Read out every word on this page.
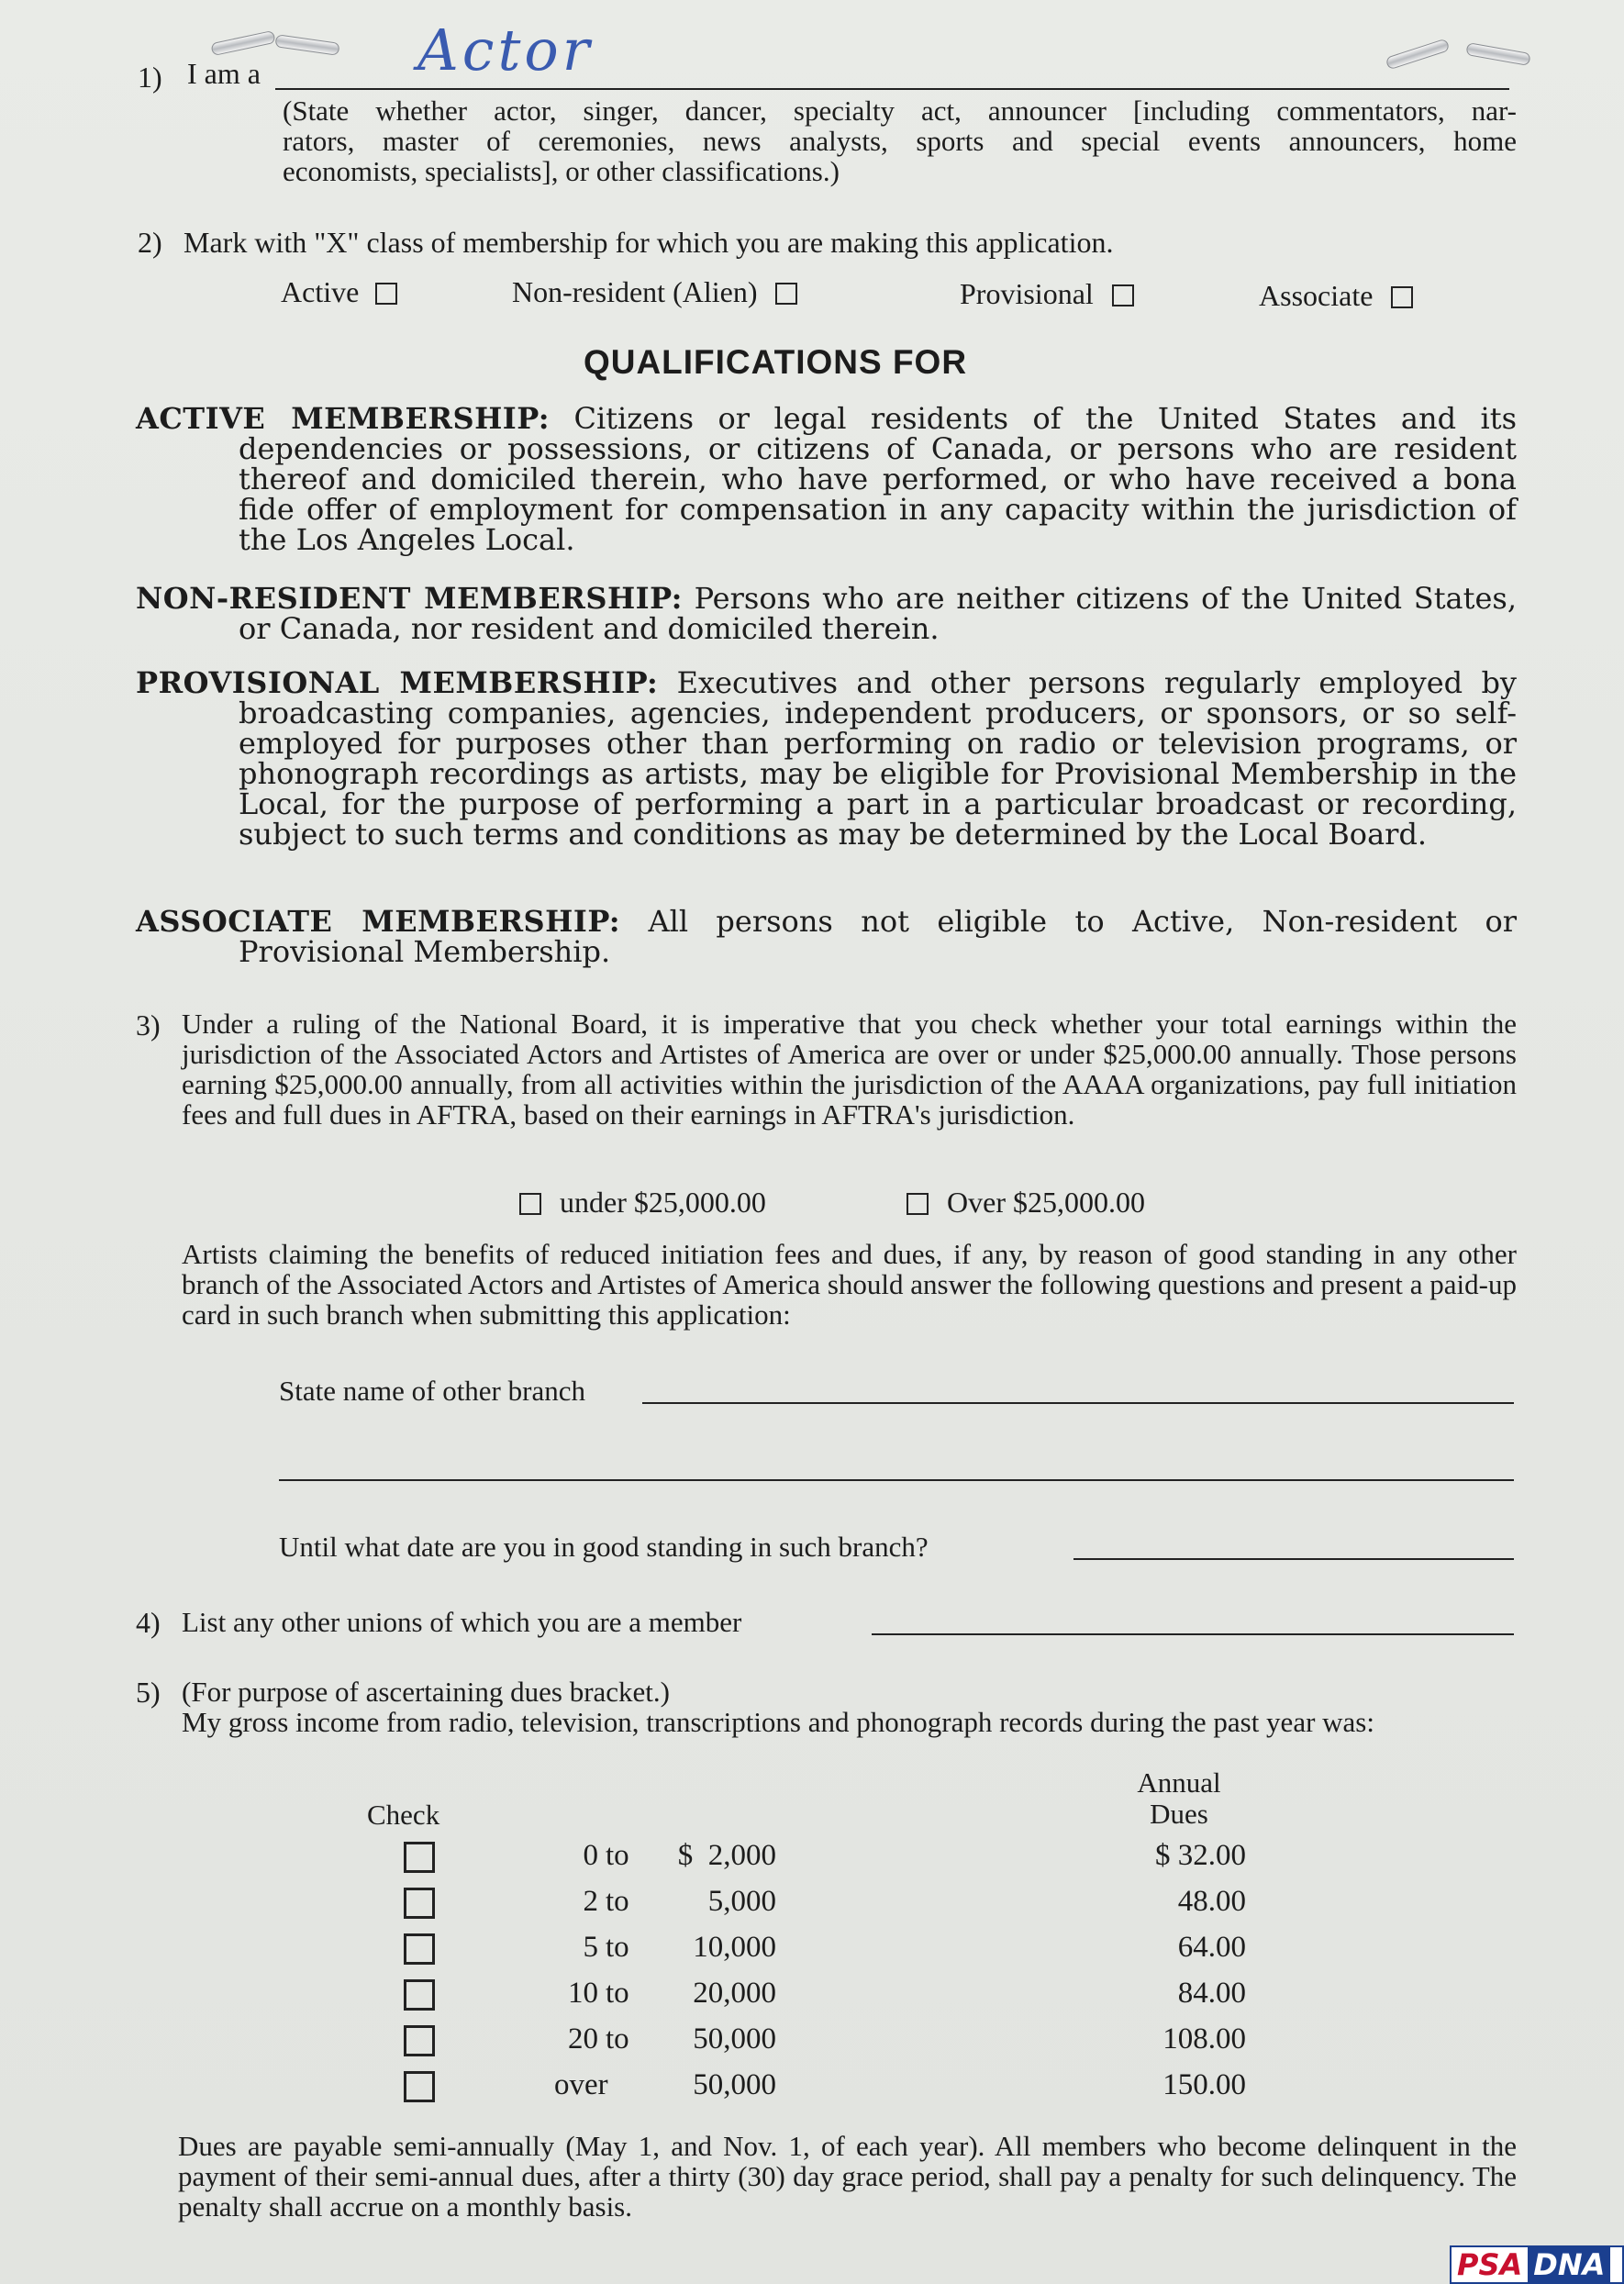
1) I am a	Actor
(State whether actor, singer, dancer, specialty act, announcer [including commentators, nar-
rators, master of ceremonies, news analysts, sports and special events announcers, home
economists, specialists], or other classifications.)
2) Mark with "X" class of membership for which you are making this application.
Active	Non-resident (Alien)	Provisional	Associate
QUALIFICATIONS FOR
ACTIVE MEMBERSHIP: Citizens or legal residents of the United States and its dependencies or possessions, or citizens of Canada, or persons who are resident thereof and domiciled therein, who have performed, or who have received a bona fide offer of employment for compensation in any capacity within the jurisdiction of the Los Angeles Local.
NON-RESIDENT MEMBERSHIP: Persons who are neither citizens of the United States, or Canada, nor resident and domiciled therein.
PROVISIONAL MEMBERSHIP: Executives and other persons regularly employed by broadcasting companies, agencies, independent producers, or sponsors, or so self-employed for purposes other than performing on radio or television programs, or phonograph recordings as artists, may be eligible for Provisional Membership in the Local, for the purpose of performing a part in a particular broadcast or recording, subject to such terms and conditions as may be determined by the Local Board.
ASSOCIATE MEMBERSHIP: All persons not eligible to Active, Non-resident or Provisional Membership.
3) Under a ruling of the National Board, it is imperative that you check whether your total earnings within the jurisdiction of the Associated Actors and Artistes of America are over or under $25,000.00 annually. Those persons earning $25,000.00 annually, from all activities within the jurisdiction of the AAAA organizations, pay full initiation fees and full dues in AFTRA, based on their earnings in AFTRA's jurisdiction.
under $25,000.00	Over $25,000.00
Artists claiming the benefits of reduced initiation fees and dues, if any, by reason of good standing in any other branch of the Associated Actors and Artistes of America should answer the following questions and present a paid-up card in such branch when submitting this application:
State name of other branch
Until what date are you in good standing in such branch?
4) List any other unions of which you are a member
5) (For purpose of ascertaining dues bracket.)
My gross income from radio, television, transcriptions and phonograph records during the past year was:
Check
Annual
Dues
0 to	$  2,000	$ 32.00
2 to	5,000	48.00
5 to	10,000	64.00
10 to	20,000	84.00
20 to	50,000	108.00
over	50,000	150.00
Dues are payable semi-annually (May 1, and Nov. 1, of each year). All members who become delinquent in the payment of their semi-annual dues, after a thirty (30) day grace period, shall pay a penalty for such delinquency. The penalty shall accrue on a monthly basis.
PSA DNA
